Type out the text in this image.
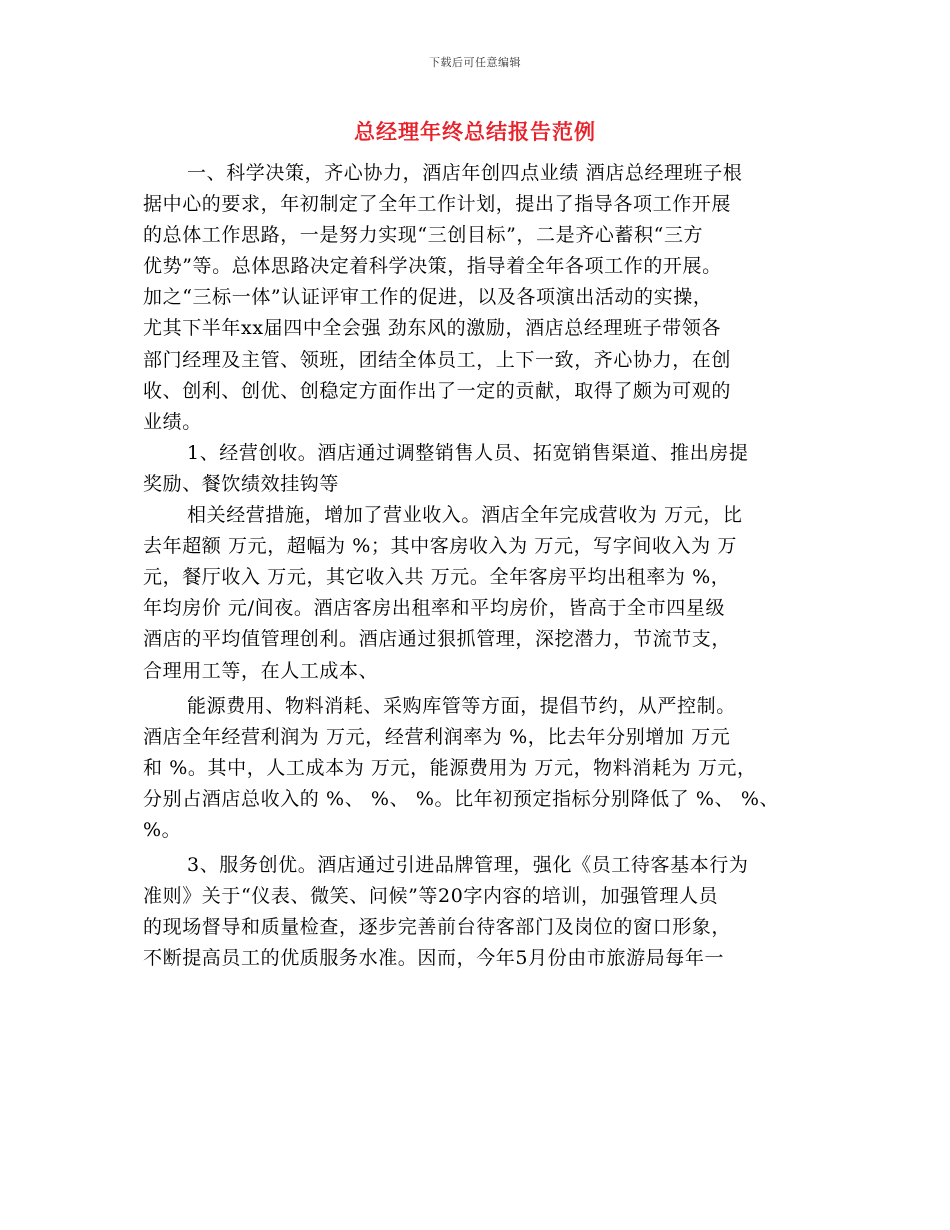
下载后可任意编辑
总经理年终总结报告范例
一、科学决策，齐心协力，酒店年创四点业绩 酒店总经理班子根
据中心的要求，年初制定了全年工作计划，提出了指导各项工作开展
的总体工作思路，一是努力实现“三创目标”，二是齐心蓄积“三方
优势”等。总体思路决定着科学决策，指导着全年各项工作的开展。
加之“三标一体”认证评审工作的促进，以及各项演出活动的实操，
尤其下半年xx届四中全会强 劲东风的激励，酒店总经理班子带领各
部门经理及主管、领班，团结全体员工，上下一致，齐心协力，在创
收、创利、创优、创稳定方面作出了一定的贡献，取得了颇为可观的
业绩。
1、经营创收。酒店通过调整销售人员、拓宽销售渠道、推出房提
奖励、餐饮绩效挂钩等
相关经营措施，增加了营业收入。酒店全年完成营收为 万元，比
去年超额 万元，超幅为 %；其中客房收入为 万元，写字间收入为 万
元，餐厅收入 万元，其它收入共 万元。全年客房平均出租率为 %，
年均房价 元/间夜。酒店客房出租率和平均房价，皆高于全市四星级
酒店的平均值管理创利。酒店通过狠抓管理，深挖潜力，节流节支，
合理用工等，在人工成本、
能源费用、物料消耗、采购库管等方面，提倡节约，从严控制。
酒店全年经营利润为 万元，经营利润率为 %，比去年分别增加 万元
和 %。其中，人工成本为 万元，能源费用为 万元，物料消耗为 万元，
分别占酒店总收入的 %、 %、 %。比年初预定指标分别降低了 %、 %、
%。
3、服务创优。酒店通过引进品牌管理，强化《员工待客基本行为
准则》关于“仪表、微笑、问候”等20字内容的培训，加强管理人员
的现场督导和质量检查，逐步完善前台待客部门及岗位的窗口形象，
不断提高员工的优质服务水准。因而，今年5月份由市旅游局每年一
